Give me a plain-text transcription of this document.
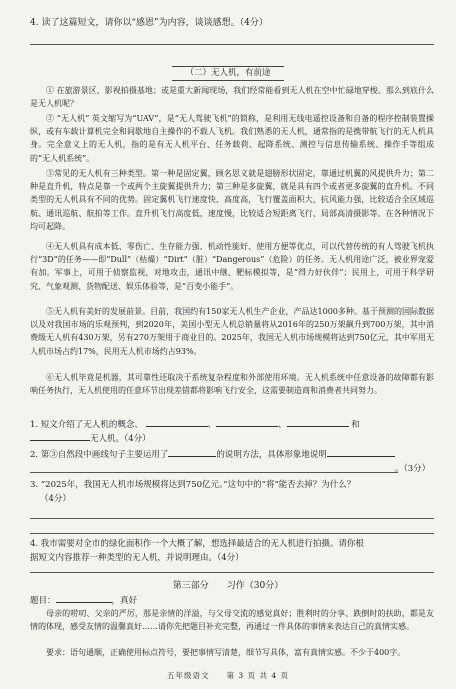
4. 读了这篇短文，请你以“感恩”为内容，谈谈感想。（4分）
（二）无人机，有前途
① 在旅游景区，影视拍摄基地；或是重大新闻现场，我们经常能看到无人机在空中忙碌地穿梭。那么到底什么是无人机呢？
② “无人机” 英文缩写为“UAV”，是“无人驾驶飞机”的简称，是利用无线电遥控设备和自备的程序控制装置操纵，或有车载计算机完全和间歇地自主操作的不载人飞机。我们熟悉的无人机，通常指的是携带航飞行的无人机具身。完全意义上的无人机，指的是有无人机平台、任务载荷、起降系统、测控与信息传输系统、操作手等组成的“无人机系统”。
③常见的无人机有三种类型。第一种是固定翼，顾名思义就是翅膀形状固定，靠通过机翼的风提供升力；第二种是直升机，特点是靠一个或两个主旋翼提供升力；第三种是多旋翼，就是具有四个或者更多旋翼的直升机。不同类型的无人机具有不同的优势。固定翼机飞行速度快、高度高，飞行覆盖面积大，抗风能力强，比较适合全区域巡航、通讯巡航、航拍等工作。直升机飞行高度低，速度慢，比较适合短距离飞行、局部高清摄影等。在各种情况下均可起降。
④无人机具有成本低、零伤亡、生存能力强、机动性能好、使用方便等优点，可以代替传统的有人驾驶飞机执行“3D”的任务——即“Dull”（枯燥）“Dirt”（脏）“Dangerous”（危险）的任务。无人机用途广泛，被业界宠爱有加。军事上，可用于侦察监视，对地攻击，通讯中继、靶标模拟等，是“得力好伙伴”；民用上，可用于科学研究、气象观测、货物配送、娱乐体验等，是“百变小能手”。
⑤无人机有美好的发展前景。目前，我国约有150家无人机生产企业，产品达1000多种。基于预测的国际数据以及对我国市场的乐观预判，到2020年，美国小型无人机总销量将从2016年的250万架飙升到700万架，其中消费级无人机有430万架，另有270万架用于商业目的。2025年，我国无人机市场规模将达到750亿元，其中军用无人机市场占约17%，民用无人机市场约占93%。
⑥无人机毕竟是机器，其可靠性还取决于系统复杂程度和外部使用环境。无人机系统中任意设备的故障都有影响任务执行，无人机使用的任意环节出现差错都将影响飞行安全，这需要制造商和消费者共同努力。
1. 短文介绍了无人机的概念、	、	、	和
无人机。（4分）
2. 第③自然段中画线句子主要运用了	的说明方法，具体形象地说明
。（3分）
3. “2025年，我国无人机市场规模将达到750亿元。”这句中的“将”能否去掉？为什么？
（4分）
4. 我市需要对全市的绿化面积作一个大概了解，想选择最适合的无人机进行拍摄。请你根
据短文内容推荐一种类型的无人机，并说明理由。（4分）
第三部分　　习作（30分）
题目：	，真好
母亲的唠叨、父亲的严厉，那是亲情的洋溢，与父母交流的感觉真好；胜利时的分享、跌倒时的扶助，都是友情的体现，感受友情的温馨真好……请你先把题目补充完整，再通过一件具体的事情来表达自己的真情实感。
要求：语句通顺，正确使用标点符号，要把事情写清楚，细节写具体，富有真情实感。不少于400字。
五年级语文　　第 3 页 共 4 页
